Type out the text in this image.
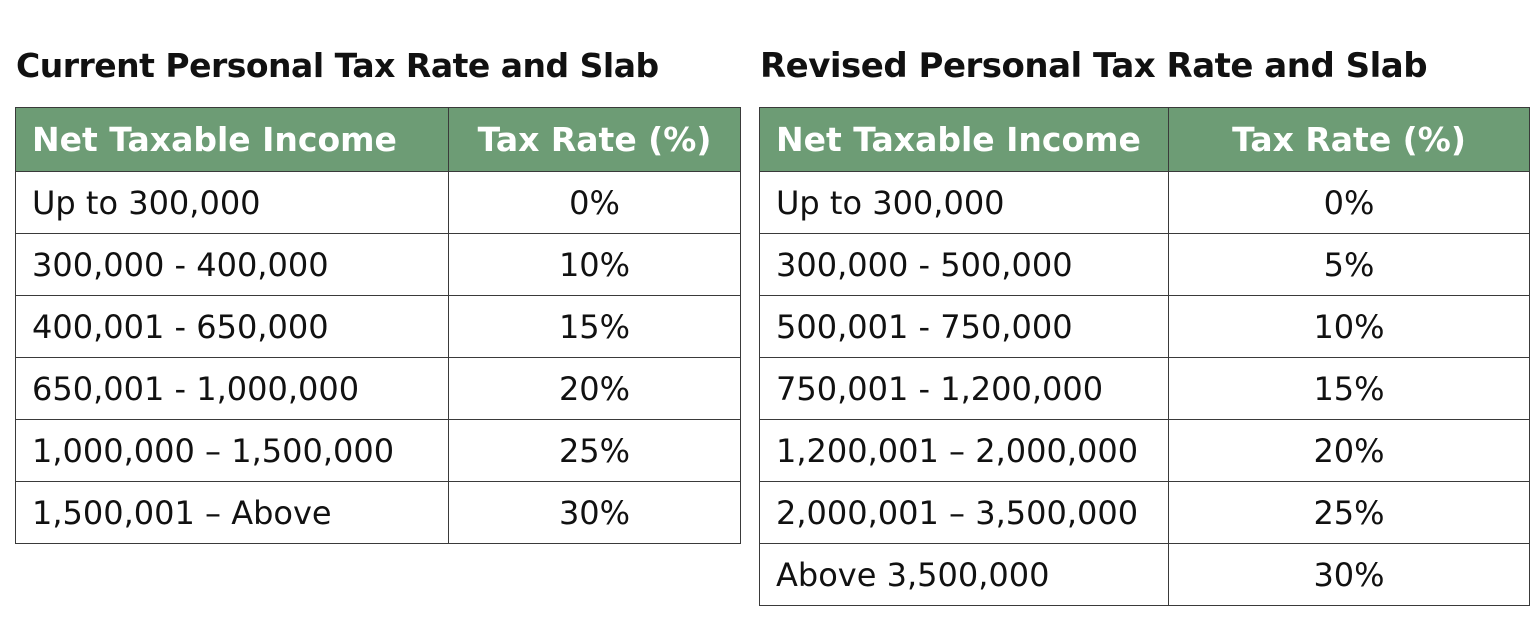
Current Personal Tax Rate and Slab
Net Taxable Income	Tax Rate (%)
Up to 300,000	0%
300,000 - 400,000	10%
400,001 - 650,000	15%
650,001 - 1,000,000	20%
1,000,000 – 1,500,000	25%
1,500,001 – Above	30%
Revised Personal Tax Rate and Slab
Net Taxable Income	Tax Rate (%)
Up to 300,000	0%
300,000 - 500,000	5%
500,001 - 750,000	10%
750,001 - 1,200,000	15%
1,200,001 – 2,000,000	20%
2,000,001 – 3,500,000	25%
Above 3,500,000	30%
